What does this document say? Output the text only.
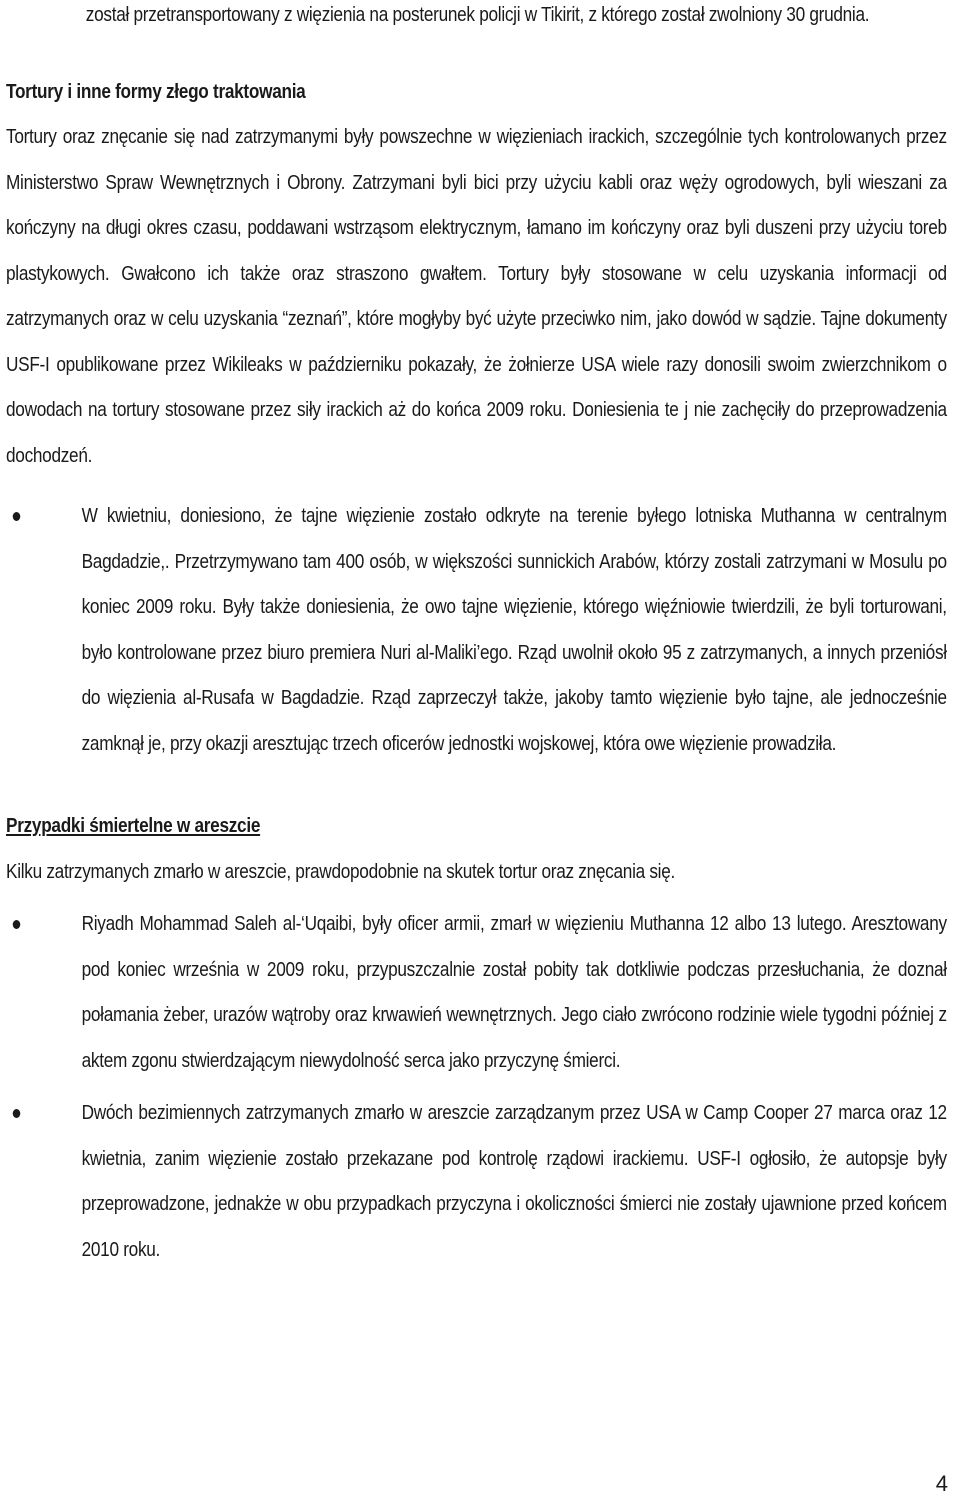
został przetransportowany z więzienia na posterunek policji w Tikirit, z którego został zwolniony 30 grudnia.

Tortury i inne formy złego traktowania

Tortury oraz znęcanie się nad zatrzymanymi były powszechne w więzieniach irackich, szczególnie tych kontrolowanych przez Ministerstwo Spraw Wewnętrznych i Obrony. Zatrzymani byli bici przy użyciu kabli oraz węży ogrodowych, byli wieszani za kończyny na długi okres czasu, poddawani wstrząsom elektrycznym, łamano im kończyny oraz byli duszeni przy użyciu toreb plastykowych. Gwałcono ich także oraz straszono gwałtem. Tortury były stosowane w celu uzyskania informacji od zatrzymanych oraz w celu uzyskania “zeznań”, które mogłyby być użyte przeciwko nim, jako dowód w sądzie. Tajne dokumenty USF-I opublikowane przez Wikileaks w październiku pokazały, że żołnierze USA wiele razy donosili swoim zwierzchnikom o dowodach na tortury stosowane przez siły irackich aż do końca 2009 roku. Doniesienia te j nie zachęciły do przeprowadzenia dochodzeń.

W kwietniu, doniesiono, że tajne więzienie zostało odkryte na terenie byłego lotniska Muthanna w centralnym Bagdadzie,. Przetrzymywano tam 400 osób, w większości sunnickich Arabów, którzy zostali zatrzymani w Mosulu po koniec 2009 roku. Były także doniesienia, że owo tajne więzienie, którego więźniowie twierdzili, że byli torturowani, było kontrolowane przez biuro premiera Nuri al-Maliki’ego. Rząd uwolnił około 95 z zatrzymanych, a innych przeniósł do więzienia al-Rusafa w Bagdadzie. Rząd zaprzeczył także, jakoby tamto więzienie było tajne, ale jednocześnie zamknął je, przy okazji aresztując trzech oficerów jednostki wojskowej, która owe więzienie prowadziła.

Przypadki śmiertelne w areszcie

Kilku zatrzymanych zmarło w areszcie, prawdopodobnie na skutek tortur oraz znęcania się.

Riyadh Mohammad Saleh al-‘Uqaibi, były oficer armii, zmarł w więzieniu Muthanna 12 albo 13 lutego. Aresztowany pod koniec września w 2009 roku, przypuszczalnie został pobity tak dotkliwie podczas przesłuchania, że doznał połamania żeber, urazów wątroby oraz krwawień wewnętrznych. Jego ciało zwrócono rodzinie wiele tygodni później z aktem zgonu stwierdzającym niewydolność serca jako przyczynę śmierci.
Dwóch bezimiennych zatrzymanych zmarło w areszcie zarządzanym przez USA w Camp Cooper 27 marca oraz 12 kwietnia, zanim więzienie zostało przekazane pod kontrolę rządowi irackiemu. USF-I ogłosiło, że autopsje były przeprowadzone, jednakże w obu przypadkach przyczyna i okoliczności śmierci nie zostały ujawnione przed końcem 2010 roku.
4
